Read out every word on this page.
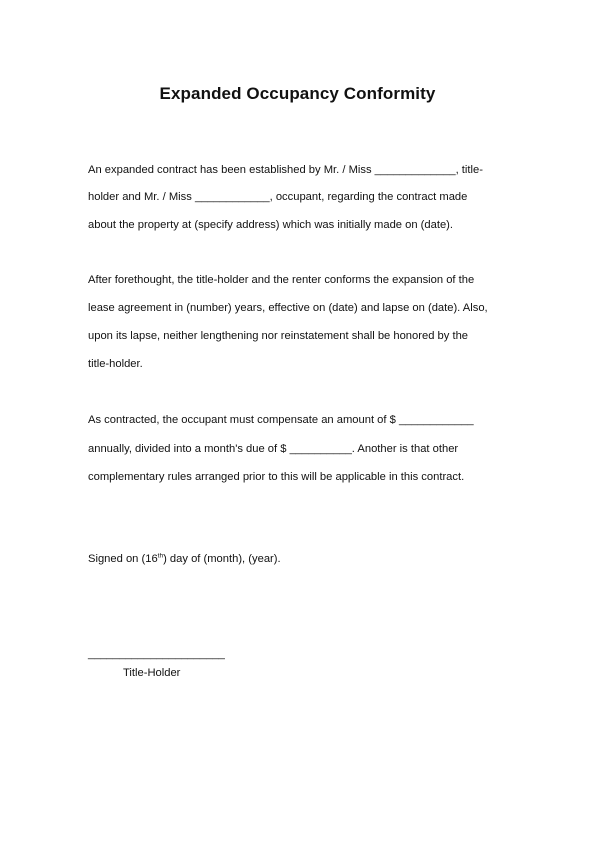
Expanded Occupancy Conformity

An expanded contract has been established by Mr. / Miss _____________, title-

holder and Mr. / Miss ____________, occupant, regarding the contract made

about the property at (specify address) which was initially made on (date).

After forethought, the title-holder and the renter conforms the expansion of the

lease agreement in (number) years, effective on (date) and lapse on (date). Also,

upon its lapse, neither lengthening nor reinstatement shall be honored by the

title-holder.

As contracted, the occupant must compensate an amount of $ ____________

annually, divided into a month's due of $ __________. Another is that other

complementary rules arranged prior to this will be applicable in this contract.

Signed on (16th) day of (month), (year).

______________________

Title-Holder
